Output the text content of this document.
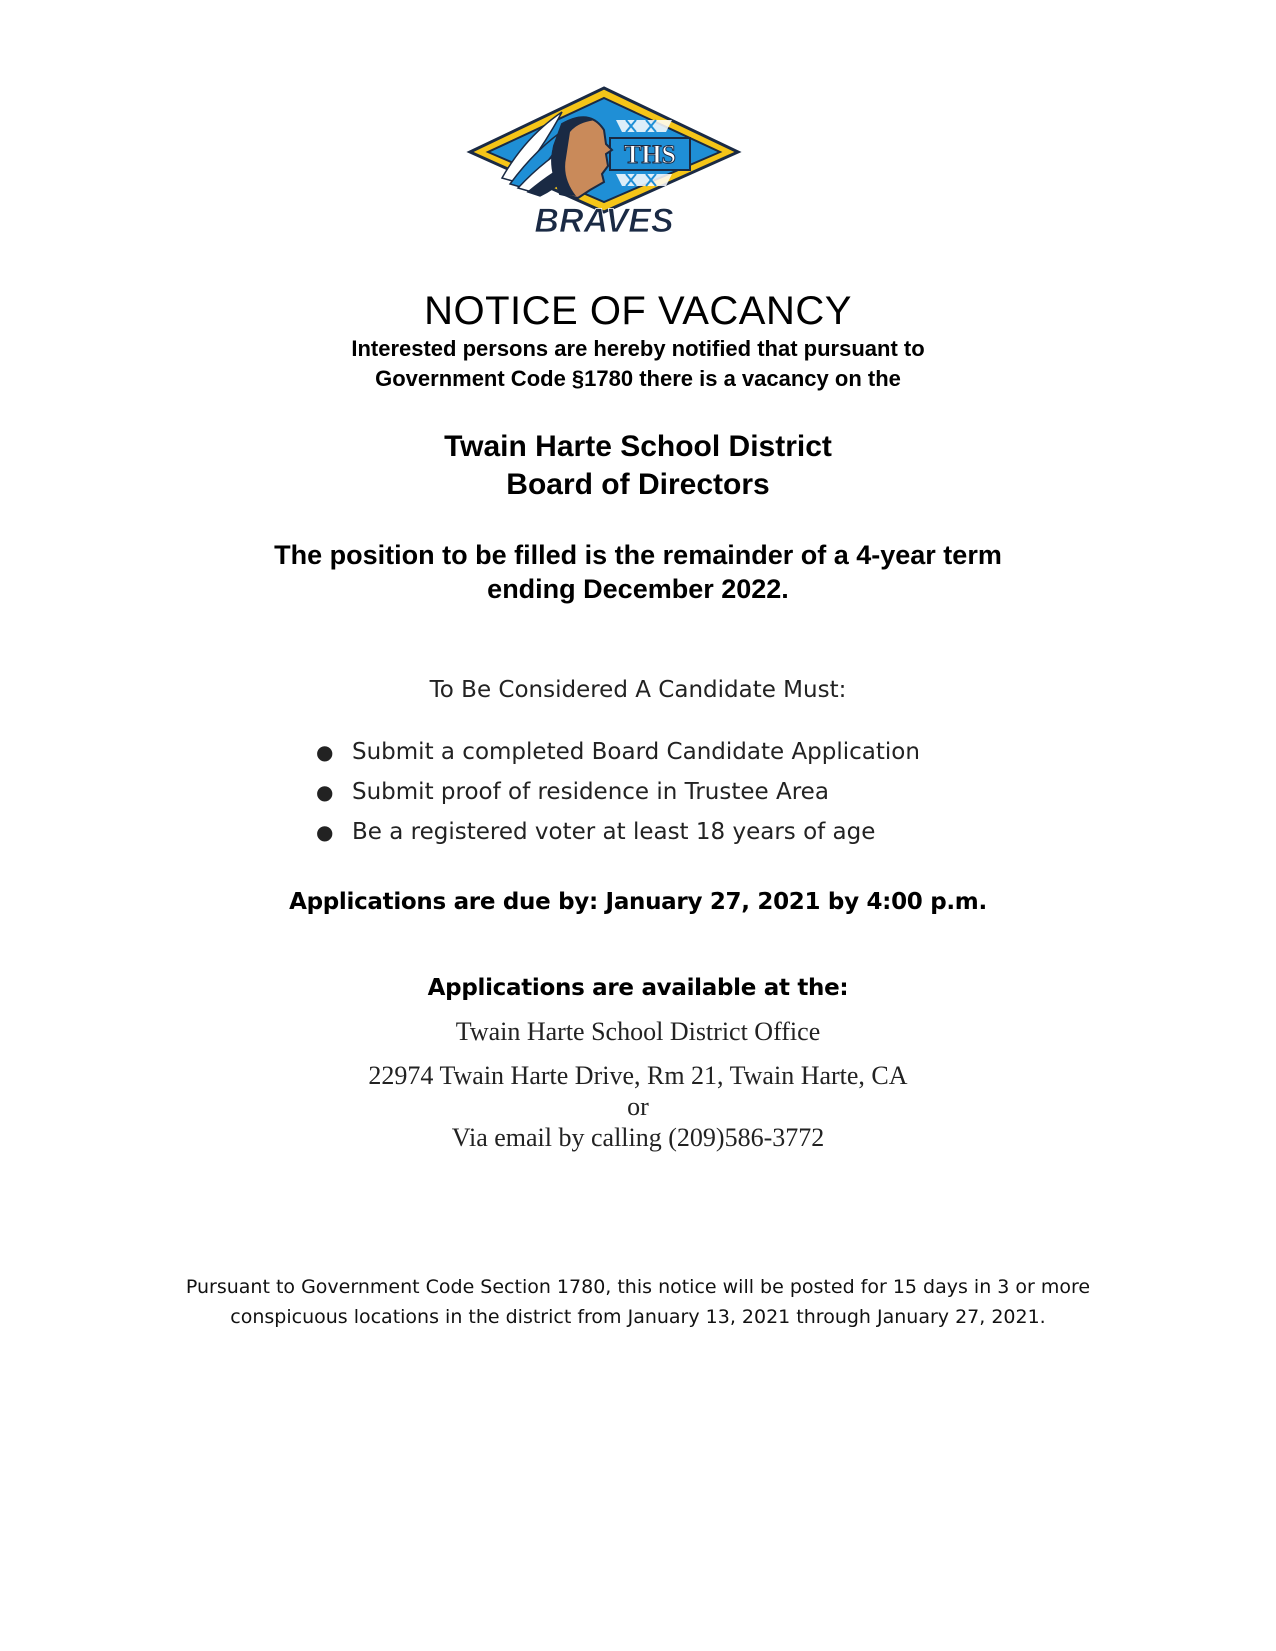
THS
BRAVES
NOTICE OF VACANCY
Interested persons are hereby notified that pursuant to
Government Code §1780 there is a vacancy on the
Twain Harte School District
Board of Directors
The position to be filled is the remainder of a 4-year term
ending December 2022.
To Be Considered A Candidate Must:
● Submit a completed Board Candidate Application
● Submit proof of residence in Trustee Area
● Be a registered voter at least 18 years of age
Applications are due by: January 27, 2021 by 4:00 p.m.
Applications are available at the:
Twain Harte School District Office
22974 Twain Harte Drive, Rm 21, Twain Harte, CA
or
Via email by calling (209)586-3772
Pursuant to Government Code Section 1780, this notice will be posted for 15 days in 3 or more
conspicuous locations in the district from January 13, 2021 through January 27, 2021.
